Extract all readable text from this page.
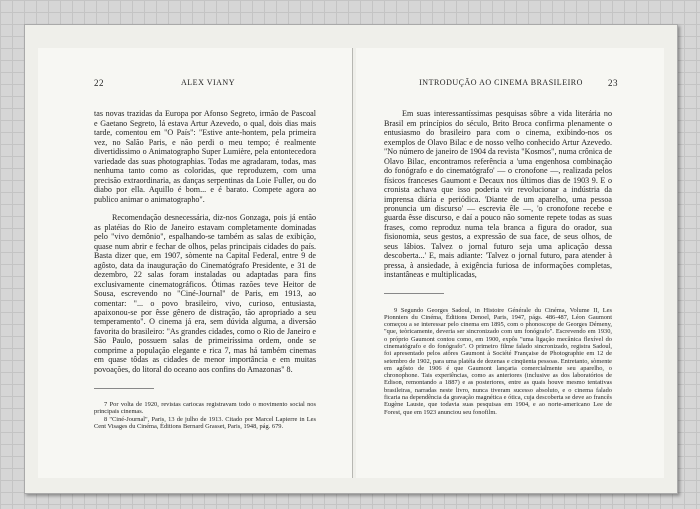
22	ALEX VIANY

tas novas trazidas da Europa por Afonso Segreto, irmão de Pascoal e Gaetano Segreto, lá estava Artur Azevedo, o qual, dois dias mais tarde, comentou em "O País": "Estive ante-hontem, pela primeira vez, no Salão Paris, e não perdi o meu tempo; é realmente divertidissimo o Animatographo Super Lumière, pela entontecedora variedade das suas photographias. Todas me agradaram, todas, mas nenhuma tanto como as coloridas, que reproduzem, com uma precisão extraordinaria, as danças serpentinas da Loie Fuller, ou do diabo por ella. Aquillo é bom... e é barato. Compete agora ao publico animar o animatographo".

Recomendação desnecessária, diz-nos Gonzaga, pois já então as platéias do Rio de Janeiro estavam completamente dominadas pelo "vivo demônio", espalhando-se também as salas de exibição, quase num abrir e fechar de olhos, pelas principais cidades do país. Basta dizer que, em 1907, sòmente na Capital Federal, entre 9 de agôsto, data da inauguração do Cinematógrafo Presidente, e 31 de dezembro, 22 salas foram instaladas ou adaptadas para fins exclusivamente cinematográficos. Ótimas razões teve Heitor de Sousa, escrevendo no "Ciné-Journal" de Paris, em 1913, ao comentar: "... o povo brasileiro, vivo, curioso, entusiasta, apaixonou-se por êsse gênero de distração, tão apropriado a seu temperamento". O cinema já era, sem dúvida alguma, a diversão favorita do brasileiro: "As grandes cidades, como o Rio de Janeiro e São Paulo, possuem salas de primeiríssima ordem, onde se comprime a população elegante e rica 7, mas há também cinemas em quase tôdas as cidades de menor importância e em muitas povoações, do litoral do oceano aos confins do Amazonas" 8.

7 Por volta de 1920, revistas cariocas registravam todo o movimento social nos principais cinemas.

8 "Ciné-Journal", Paris, 13 de julho de 1913. Citado por Marcel Lapierre in Les Cent Visages du Cinéma, Éditions Bernard Grasset, Paris, 1948, pág. 679.

INTRODUÇÃO AO CINEMA BRASILEIRO	23

Em suas interessantíssimas pesquisas sôbre a vida literária no Brasil em princípios do século, Brito Broca confirma plenamente o entusiasmo do brasileiro para com o cinema, exibindo-nos os exemplos de Olavo Bilac e de nosso velho conhecido Artur Azevedo. "No número de janeiro de 1904 da revista "Kosmos", numa crônica de Olavo Bilac, encontramos referência a 'uma engenhosa combinação do fonógrafo e do cinematógrafo' — o cronofone —, realizada pelos físicos franceses Gaumont e Decaux nos últimos dias de 1903 9. E o cronista achava que isso poderia vir revolucionar a indústria da imprensa diária e periódica. 'Diante de um aparelho, uma pessoa pronuncia um discurso' — escrevia êle —, 'o cronofone recebe e guarda êsse discurso, e daí a pouco não somente repete todas as suas frases, como reproduz numa tela branca a figura do orador, sua fisionomia, seus gestos, a expressão de sua face, de seus olhos, de seus lábios. Talvez o jornal futuro seja uma aplicação dessa descoberta...' E, mais adiante: 'Talvez o jornal futuro, para atender à pressa, à ansiedade, à exigência furiosa de informações completas, instantâneas e multiplicadas,

9 Segundo Georges Sadoul, in Histoire Générale du Cinéma, Volume II, Les Pionniers du Cinéma, Éditions Denoel, Paris, 1947, págs. 486-487, Léon Gaumont começou a se interessar pelo cinema em 1895, com o phonoscope de Georges Démeny, "que, teòricamente, deveria ser sincronizado com um fonógrafo". Escrevendo em 1930, o próprio Gaumont contou como, em 1900, expôs "uma ligação mecânica flexível do cinematógrafo e do fonógrafo". O primeiro filme falado sincronizado, registra Sadoul, foi apresentado pelos atôres Gaumont à Société Française de Photographie em 12 de setembro de 1902, para uma platéia de dezenas e cinqüenta pessoas. Entretanto, sòmente em agôsto de 1906 é que Gaumont lançaria comercialmente seu aparelho, o chronophone. Tais experiências, como as anteriores (inclusive as dos laboratórios de Edison, remontando a 1887) e as posteriores, entre as quais houve mesmo tentativas brasileiras, narradas neste livro, nunca tiveram sucesso absoluto, e o cinema falado ficaria na dependência da gravação magnética e ótica, cuja descoberta se deve ao francês Eugène Lauste, que todavia suas pesquisas em 1904, e ao norte-americano Lee de Forest, que em 1923 anunciou seu fonofilm.
